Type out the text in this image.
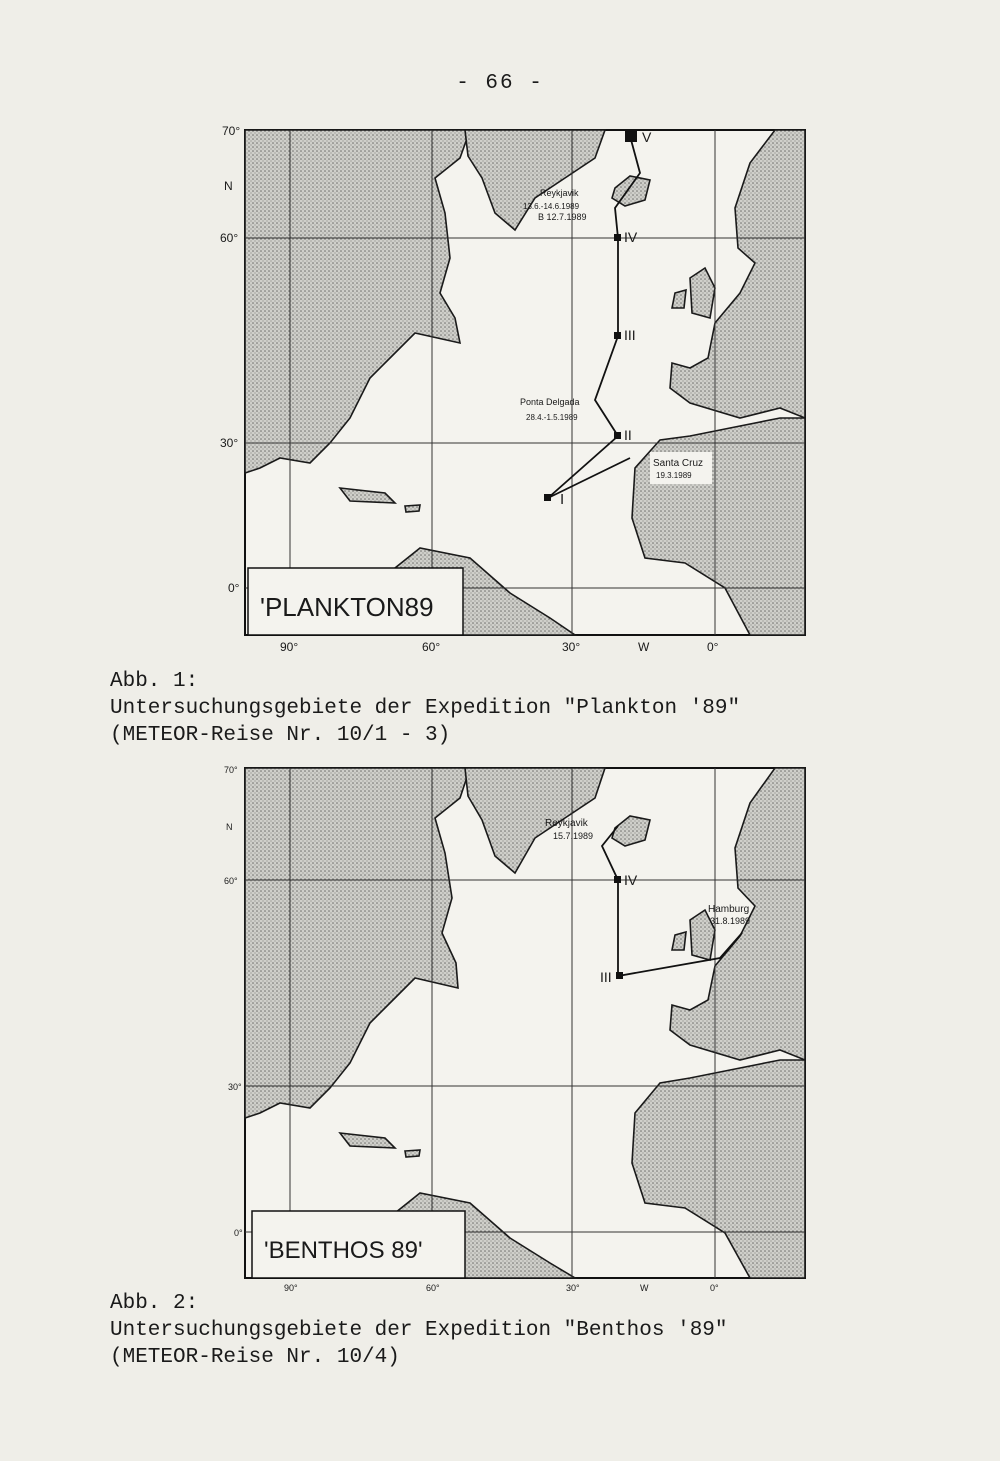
- 66 -
'PLANKTON89
70°
N
60°
30°
0°
90°	60°	30°	W	0°
I
II
III
IV
V
Reykjavik
13.6.-14.6.1989
B 12.7.1989
Ponta Delgada
28.4.-1.5.1989
Santa Cruz
19.3.1989
Abb. 1:
Untersuchungsgebiete der Expedition "Plankton '89"
(METEOR-Reise Nr. 10/1 - 3)
'BENTHOS 89'
70°
N
60°
30°
0°
90°	60°	30°	W	0°
IV
III
Reykjavik
15.7.1989
Hamburg
31.8.1989
Abb. 2:
Untersuchungsgebiete der Expedition "Benthos '89"
(METEOR-Reise Nr. 10/4)
